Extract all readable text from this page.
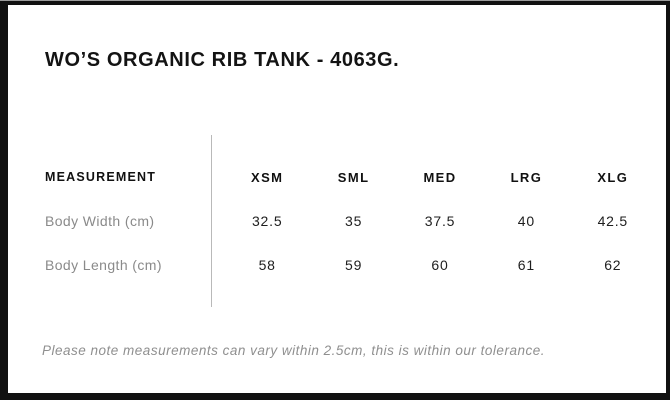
WO’S ORGANIC RIB TANK - 4063G.
MEASUREMENT	XSM	SML	MED	LRG	XLG
Body Width (cm)	32.5	35	37.5	40	42.5
Body Length (cm)	58	59	60	61	62

Please note measurements can vary within 2.5cm, this is within our tolerance.
